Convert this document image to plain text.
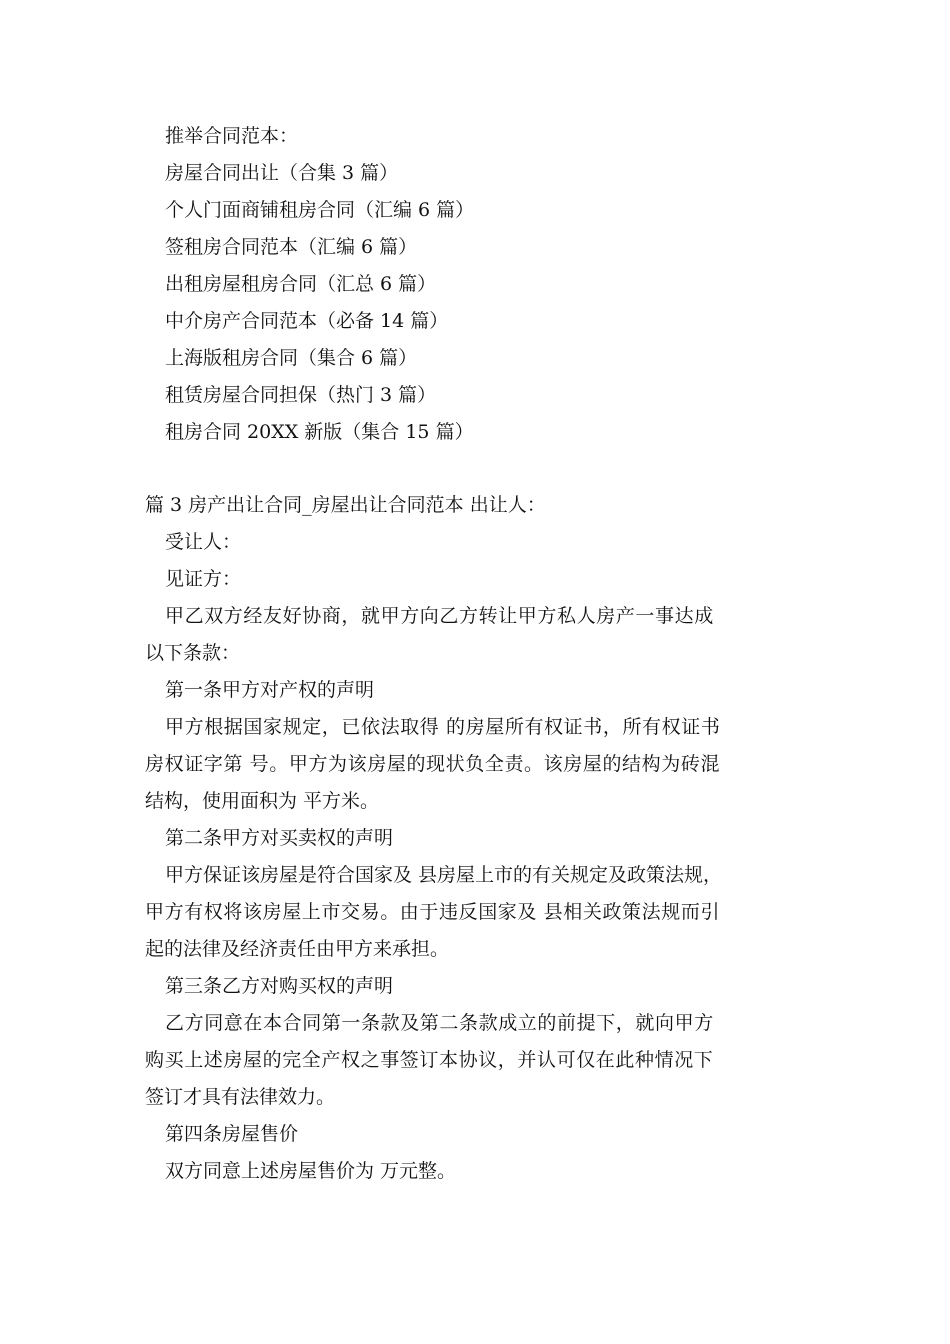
推举合同范本：
房屋合同出让（合集 3 篇）
个人门面商铺租房合同（汇编 6 篇）
签租房合同范本（汇编 6 篇）
出租房屋租房合同（汇总 6 篇）
中介房产合同范本（必备 14 篇）
上海版租房合同（集合 6 篇）
租赁房屋合同担保（热门 3 篇）
租房合同 20XX 新版（集合 15 篇）
篇 3 房产出让合同_房屋出让合同范本 出让人：
受让人：
见证方：
甲乙双方经友好协商，就甲方向乙方转让甲方私人房产一事达成
以下条款：
第一条甲方对产权的声明
甲方根据国家规定，已依法取得 的房屋所有权证书，所有权证书
房权证字第 号。甲方为该房屋的现状负全责。该房屋的结构为砖混
结构，使用面积为 平方米。
第二条甲方对买卖权的声明
甲方保证该房屋是符合国家及 县房屋上市的有关规定及政策法规，
甲方有权将该房屋上市交易。由于违反国家及 县相关政策法规而引
起的法律及经济责任由甲方来承担。
第三条乙方对购买权的声明
乙方同意在本合同第一条款及第二条款成立的前提下，就向甲方
购买上述房屋的完全产权之事签订本协议，并认可仅在此种情况下
签订才具有法律效力。
第四条房屋售价
双方同意上述房屋售价为 万元整。
